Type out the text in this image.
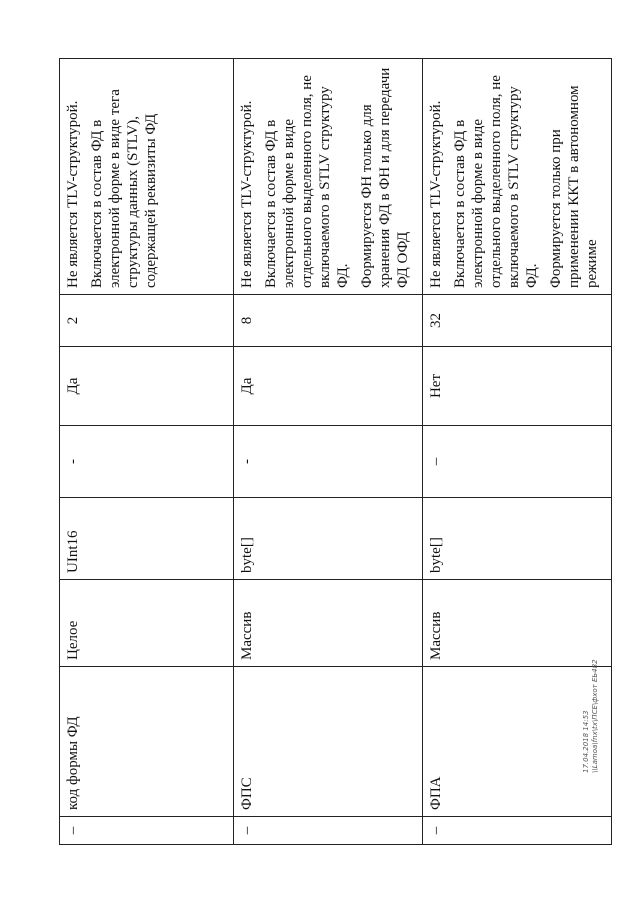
–	код формы ФД	Целое	UInt16	-	Да	2	Не является TLV-структурой. Включается в состав ФД в электронной форме в виде тега структуры данных (STLV), содержащей реквизиты ФД

–	ФПС	Массив	byte[]	-	Да	8	Не является TLV-структурой. Включается в состав ФД в электронной форме в виде отдельного выделенного поля, не включаемого в STLV структуру ФД. Формируется ФН только для хранения ФД в ФН и для передачи ФД ОФД

–	ФПА	Массив	byte[]	–	Нет	32	Не является TLV-структурой. Включается в состав ФД в электронной форме в виде отдельного выделенного поля, не включаемого в STLV структуру ФД. Формируется только при применении ККТ в автономном режиме

17.04.2018 14:53 \\Lamoa\fnx\tx\ПСЕ\фхот ЕЬ482
